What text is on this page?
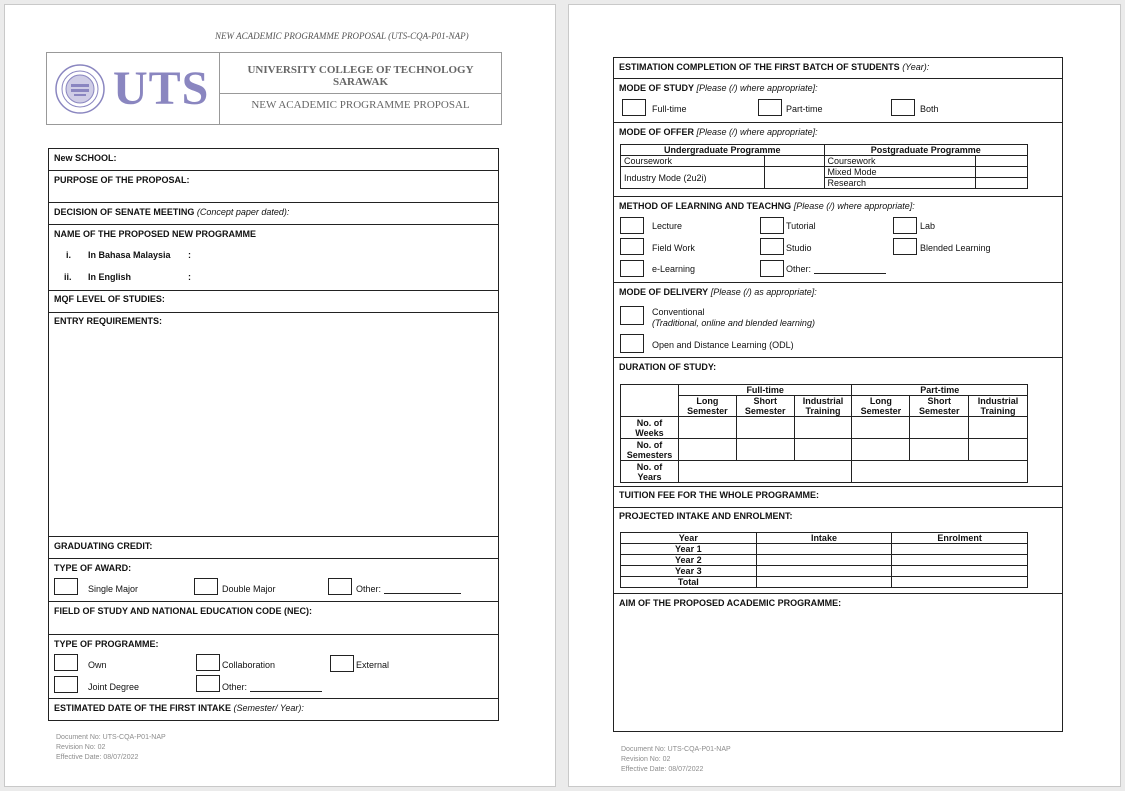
NEW ACADEMIC PROGRAMME PROPOSAL (UTS-CQA-P01-NAP)
UTS	UNIVERSITY COLLEGE OF TECHNOLOGY SARAWAK
NEW ACADEMIC PROGRAMME PROPOSAL
New SCHOOL:
PURPOSE OF THE PROPOSAL:
DECISION OF SENATE MEETING (Concept paper dated):
NAME OF THE PROPOSED NEW PROGRAMME
i. In Bahasa Malaysia :
ii. In English	:
MQF LEVEL OF STUDIES:
ENTRY REQUIREMENTS:
GRADUATING CREDIT:
TYPE OF AWARD:
Single Major	Double Major	Other:
FIELD OF STUDY AND NATIONAL EDUCATION CODE (NEC):
TYPE OF PROGRAMME:
Own	Collaboration	External
Joint Degree	Other:
ESTIMATED DATE OF THE FIRST INTAKE (Semester/ Year):
Document No: UTS-CQA-P01-NAP
Revision No: 02
Effective Date: 08/07/2022
ESTIMATION COMPLETION OF THE FIRST BATCH OF STUDENTS (Year):
MODE OF STUDY [Please (/) where appropriate]:
Full-time	Part-time	Both
MODE OF OFFER [Please (/) where appropriate]:
Undergraduate Programme		Postgraduate Programme	
Coursework		Coursework	
Industry Mode (2u2i)		Mixed Mode	
		Research	
METHOD OF LEARNING AND TEACHNG [Please (/) where appropriate]:
Lecture	Tutorial	Lab
Field Work	Studio	Blended Learning
e-Learning	Other:
MODE OF DELIVERY [Please (/) as appropriate]:
Conventional
(Traditional, online and blended learning)
Open and Distance Learning (ODL)
DURATION OF STUDY:
	Full-time			Part-time		
	Long Semester	Short Semester	Industrial Training	Long Semester	Short Semester	Industrial Training
No. of Weeks						
No. of Semesters						
No. of Years						
TUITION FEE FOR THE WHOLE PROGRAMME:
PROJECTED INTAKE AND ENROLMENT:
Year	Intake	Enrolment
Year 1		
Year 2		
Year 3		
Total		
AIM OF THE PROPOSED ACADEMIC PROGRAMME:
Document No: UTS-CQA-P01-NAP
Revision No: 02
Effective Date: 08/07/2022
